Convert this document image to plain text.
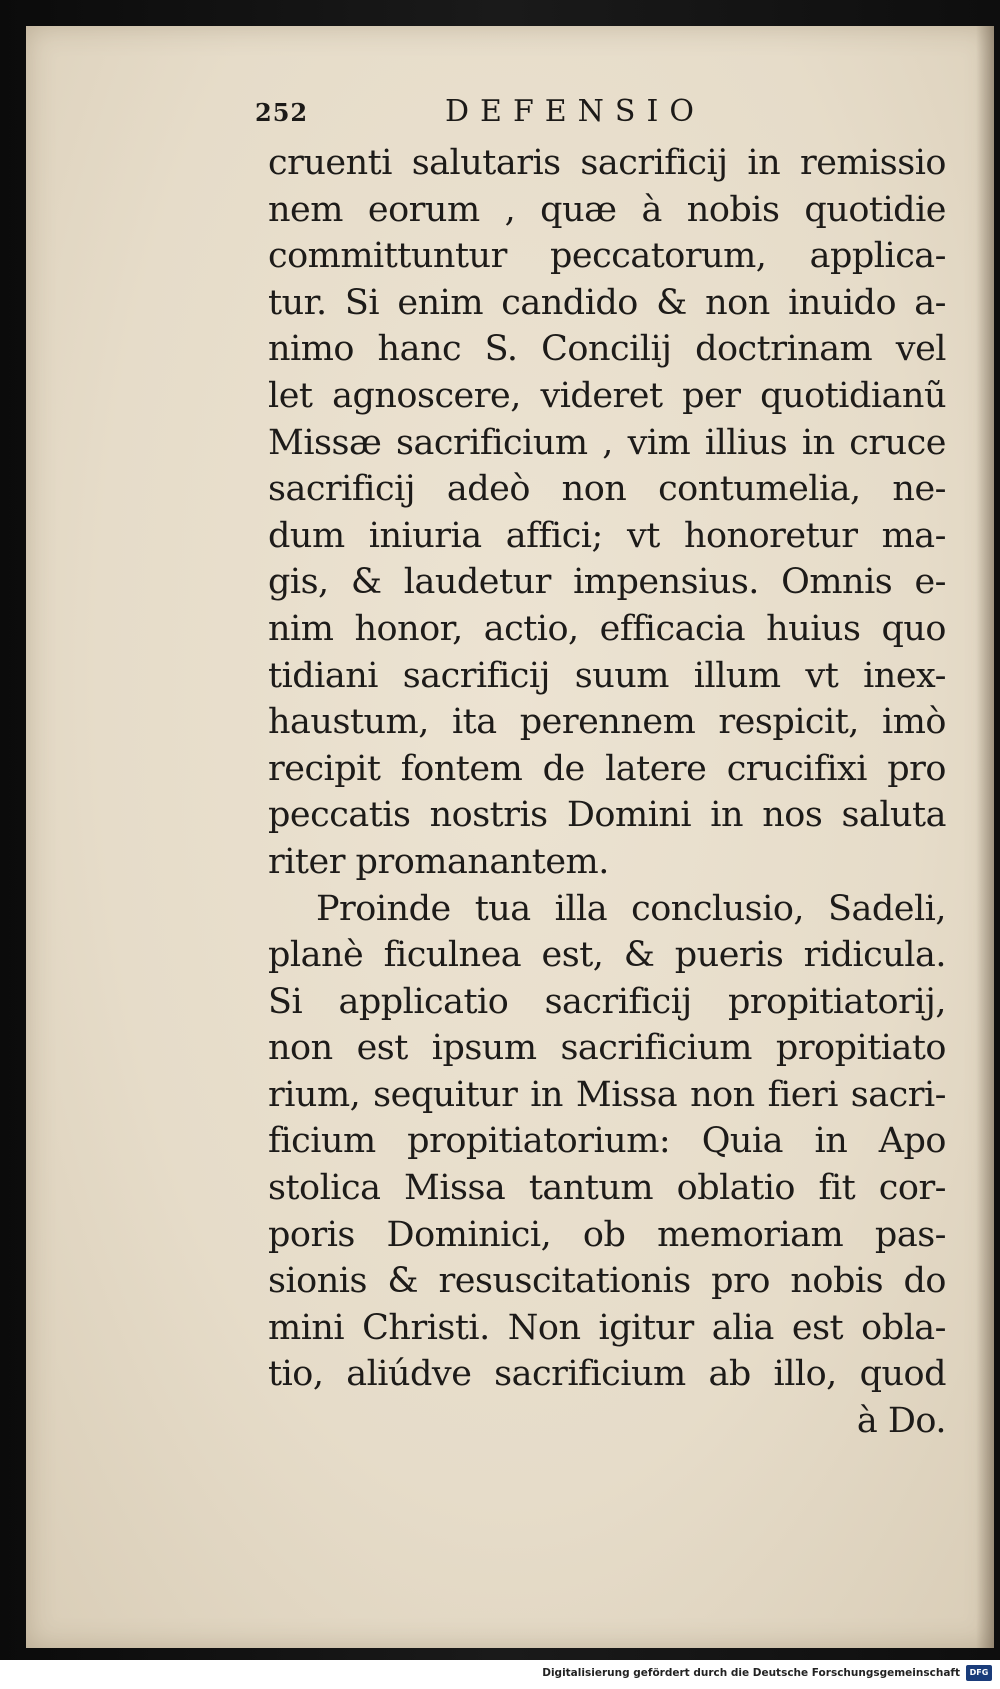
252	DEFENSIO
cruenti salutaris sacrificij in remissio
nem eorum , quæ à nobis quotidie
committuntur peccatorum, applica-
tur. Si enim candido & non inuido a-
nimo hanc S. Concilij doctrinam vel
let agnoscere, videret per quotidianũ
Missæ sacrificium , vim illius in cruce
sacrificij adeò non contumelia, ne-
dum iniuria affici; vt honoretur ma-
gis, & laudetur impensius. Omnis e-
nim honor, actio, efficacia huius quo
tidiani sacrificij suum illum vt inex-
haustum, ita perennem respicit, imò
recipit fontem de latere crucifixi pro
peccatis nostris Domini in nos saluta
riter promanantem.
Proinde tua illa conclusio, Sadeli,
planè ficulnea est, & pueris ridicula.
Si applicatio sacrificij propitiatorij,
non est ipsum sacrificium propitiato
rium, sequitur in Missa non fieri sacri-
ficium propitiatorium: Quia in Apo
stolica Missa tantum oblatio fit cor-
poris Dominici, ob memoriam pas-
sionis & resuscitationis pro nobis do
mini Christi. Non igitur alia est obla-
tio, aliúdve sacrificium ab illo, quod
à Do.
Digitalisierung gefördert durch die Deutsche Forschungsgemeinschaft	DFG
